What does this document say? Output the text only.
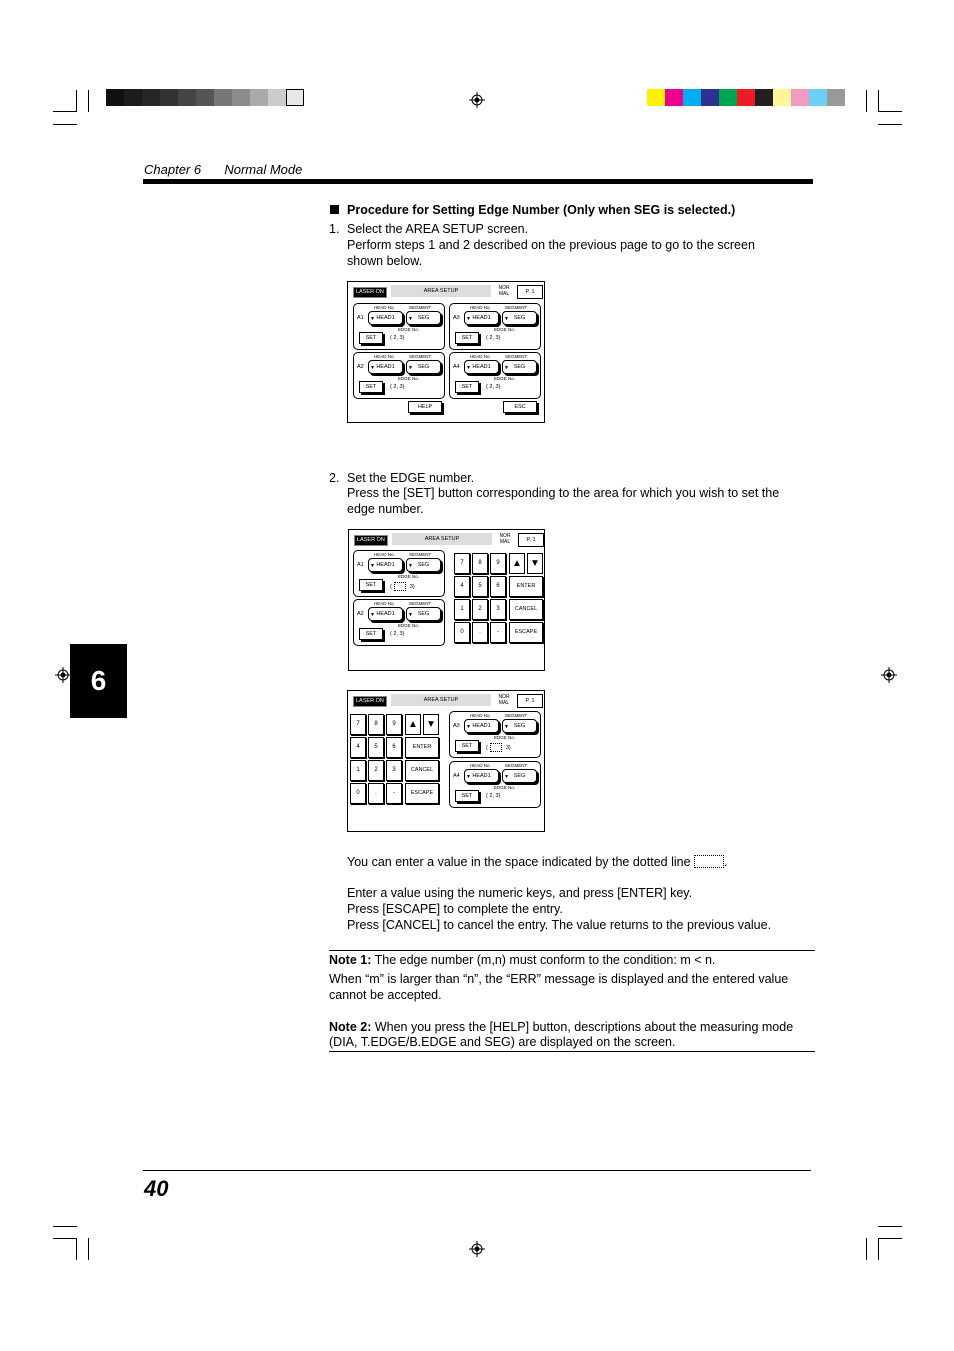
Chapter 6 Normal Mode
6
Procedure for Setting Edge Number (Only when SEG is selected.)
1. Select the AREA SETUP screen.
Perform steps 1 and 2 described on the previous page to go to the screen
shown below.
LASER ON	AREA SETUP	NOR
MAL	P. 1
A1
HEAD No.	SEGMENT
HEAD1
▼	SEG
▼
EDGE No.
SET	( 2, 3)
A3
HEAD No.	SEGMENT
HEAD1
▼	SEG
▼
EDGE No.
SET	( 2, 3)
A2
HEAD No.	SEGMENT
HEAD1
▼	SEG
▼
EDGE No.
SET	( 2, 3)
A4
HEAD No.	SEGMENT
HEAD1
▼	SEG
▼
EDGE No.
SET	( 2, 3)
HELP	ESC
2. Set the EDGE number.
Press the [SET] button corresponding to the area for which you wish to set the
edge number.
LASER ON	AREA SETUP	NOR
MAL	P. 1
A1
HEAD No.	SEGMENT
HEAD1
▼	SEG
▼
EDGE No.
SET	(	3)
A2
HEAD No.	SEGMENT
HEAD1
▼	SEG
▼
EDGE No.
SET	( 2, 3)
7	8	9
4	5	6	ENTER
1	2	3	CANCEL
0	.	-	ESCAPE
▲ ▼
LASER ON	AREA SETUP	NOR
MAL	P. 1
7	8	9
4	5	6	ENTER
1	2	3	CANCEL
0	.	-	ESCAPE
▲ ▼	A3
HEAD No.	SEGMENT
HEAD1
▼	SEG
▼
EDGE No.
SET	(	3)
A4
HEAD No.	SEGMENT
HEAD1
▼	SEG
▼
EDGE No.
SET	( 2, 3)
You can enter a value in the space indicated by the dotted line	.
Enter a value using the numeric keys, and press [ENTER] key.
Press [ESCAPE] to complete the entry.
Press [CANCEL] to cancel the entry. The value returns to the previous value.
Note 1: The edge number (m,n) must conform to the condition: m < n.
When “m” is larger than “n”, the “ERR” message is displayed and the entered value
cannot be accepted.
Note 2: When you press the [HELP] button, descriptions about the measuring mode
(DIA, T.EDGE/B.EDGE and SEG) are displayed on the screen.
40
